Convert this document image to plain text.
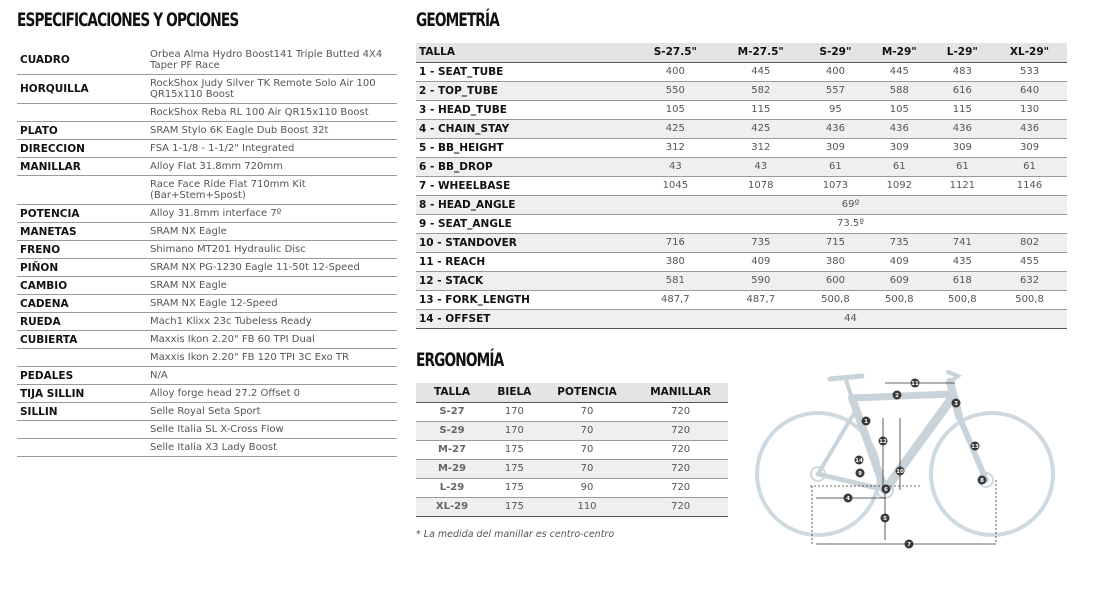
ESPECIFICACIONES Y OPCIONES
CUADRO	Orbea Alma Hydro Boost141 Triple Butted 4X4 Taper PF Race
HORQUILLA	RockShox Judy Silver TK Remote Solo Air 100 QR15x110 Boost
RockShox Reba RL 100 Air QR15x110 Boost
PLATO	SRAM Stylo 6K Eagle Dub Boost 32t
DIRECCION	FSA 1-1/8 - 1-1/2" Integrated
MANILLAR	Alloy Flat 31.8mm 720mm
Race Face Ride Flat 710mm Kit (Bar+Stem+Spost)
POTENCIA	Alloy 31.8mm interface 7º
MANETAS	SRAM NX Eagle
FRENO	Shimano MT201 Hydraulic Disc
PIÑON	SRAM NX PG-1230 Eagle 11-50t 12-Speed
CAMBIO	SRAM NX Eagle
CADENA	SRAM NX Eagle 12-Speed
RUEDA	Mach1 Klixx 23c Tubeless Ready
CUBIERTA	Maxxis Ikon 2.20" FB 60 TPI Dual
Maxxis Ikon 2.20" FB 120 TPI 3C Exo TR
PEDALES	N/A
TIJA SILLIN	Alloy forge head 27.2 Offset 0
SILLIN	Selle Royal Seta Sport
Selle Italia SL X-Cross Flow
Selle Italia X3 Lady Boost
GEOMETRÍA
TALLA	S-27.5"	M-27.5"	S-29"	M-29"	L-29"	XL-29"
1 - SEAT_TUBE	400	445	400	445	483	533
2 - TOP_TUBE	550	582	557	588	616	640
3 - HEAD_TUBE	105	115	95	105	115	130
4 - CHAIN_STAY	425	425	436	436	436	436
5 - BB_HEIGHT	312	312	309	309	309	309
6 - BB_DROP	43	43	61	61	61	61
7 - WHEELBASE	1045	1078	1073	1092	1121	1146
8 - HEAD_ANGLE	69º					
9 - SEAT_ANGLE	73.5º					
10 - STANDOVER	716	735	715	735	741	802
11 - REACH	380	409	380	409	435	455
12 - STACK	581	590	600	609	618	632
13 - FORK_LENGTH	487,7	487,7	500,8	500,8	500,8	500,8
14 - OFFSET	44					
ERGONOMÍA
TALLA	BIELA	POTENCIA	MANILLAR
S-27	170	70	720
S-29	170	70	720
M-27	175	70	720
M-29	175	70	720
L-29	175	90	720
XL-29	175	110	720
* La medida del manillar es centro-centro
1
2
3
4
5
6
7
8
9	10
11
12
13
14
